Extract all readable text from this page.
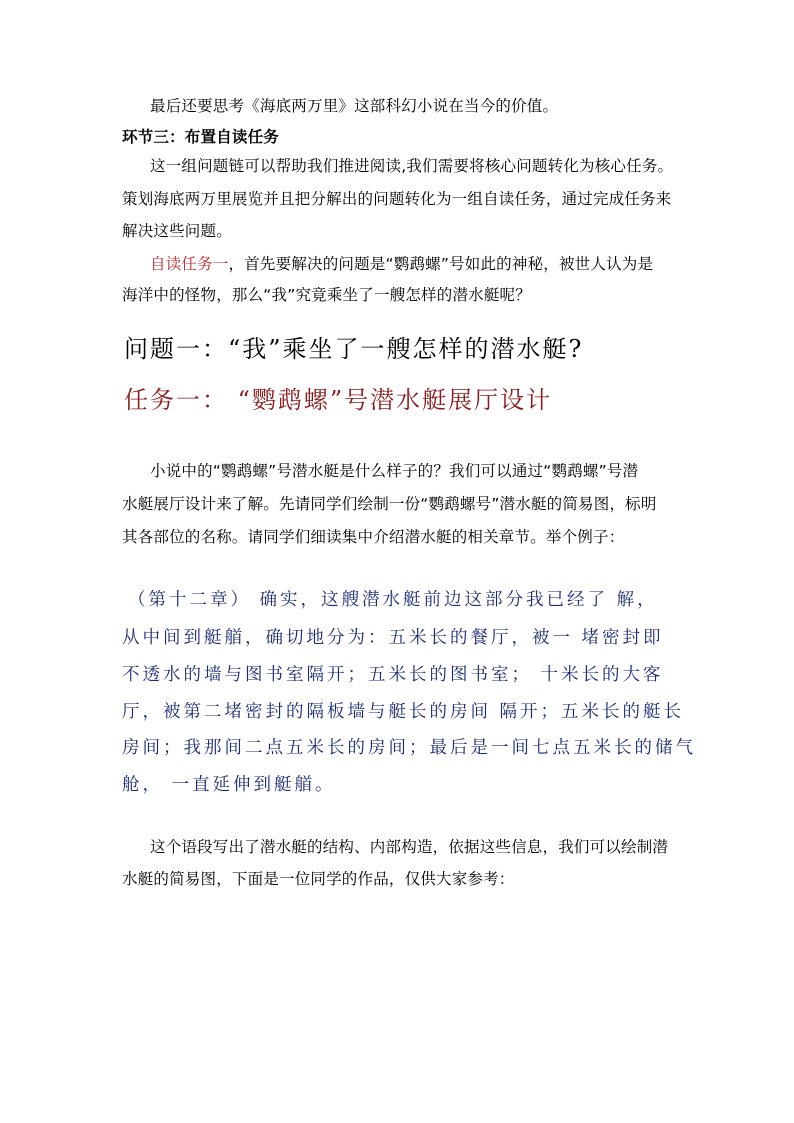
最后还要思考《海底两万里》这部科幻小说在当今的价值。

环节三：布置自读任务

这一组问题链可以帮助我们推进阅读,我们需要将核心问题转化为核心任务。

策划海底两万里展览并且把分解出的问题转化为一组自读任务，通过完成任务来

解决这些问题。

自读任务一，首先要解决的问题是“鹦鹉螺”号如此的神秘，被世人认为是

海洋中的怪物，那么“我”究竟乘坐了一艘怎样的潜水艇呢？

问题一：“我”乘坐了一艘怎样的潜水艇?
任务一： “鹦鹉螺”号潜水艇展厅设计

小说中的“鹦鹉螺”号潜水艇是什么样子的？我们可以通过“鹦鹉螺”号潜

水艇展厅设计来了解。先请同学们绘制一份“鹦鹉螺号”潜水艇的简易图，标明

其各部位的名称。请同学们细读集中介绍潜水艇的相关章节。举个例子：

（第十二章） 确实，这艘潜水艇前边这部分我已经了 解，

从中间到艇艏，确切地分为：五米长的餐厅，被一 堵密封即

不透水的墙与图书室隔开；五米长的图书室； 十米长的大客

厅，被第二堵密封的隔板墙与艇长的房间 隔开；五米长的艇长

房间；我那间二点五米长的房间；最后是一间七点五米长的储气

舱， 一直延伸到艇艏。

这个语段写出了潜水艇的结构、内部构造，依据这些信息，我们可以绘制潜

水艇的简易图，下面是一位同学的作品，仅供大家参考：
